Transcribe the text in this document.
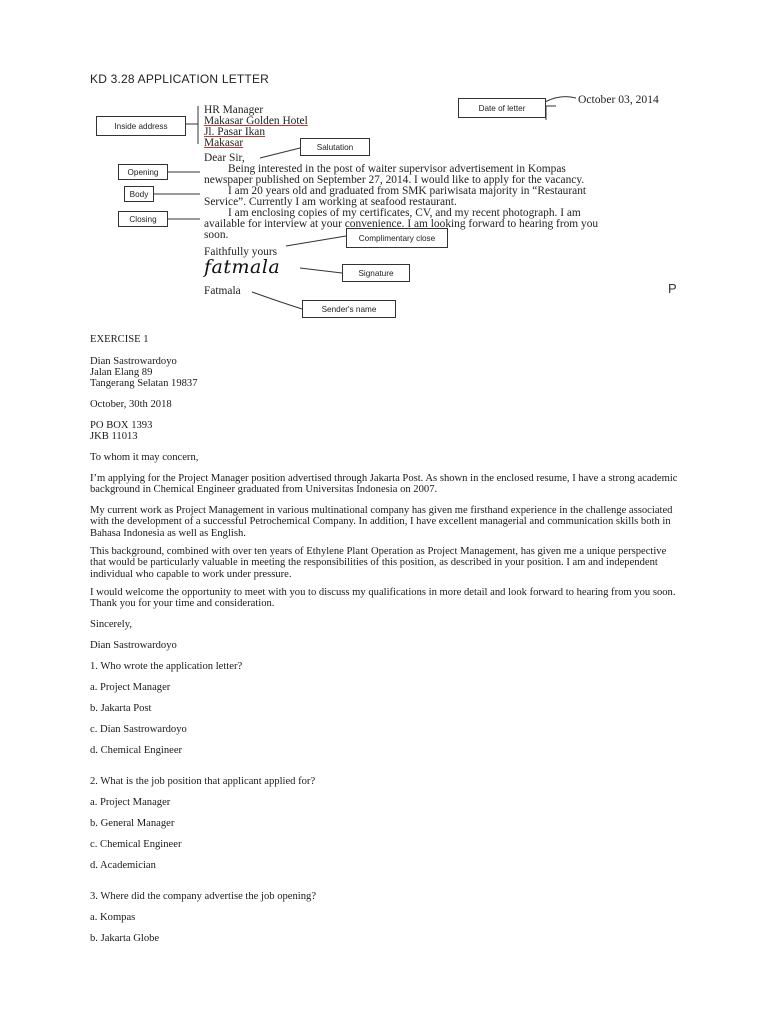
KD 3.28 APPLICATION LETTER
Inside address
Date of letter
Salutation
Opening
Body
Closing
Complimentary close
Signature
Sender's name
October 03, 2014
HR Manager
Makasar Golden Hotel
Jl. Pasar Ikan
Makasar
Dear Sir,
Being interested in the post of waiter supervisor advertisement in Kompas
newspaper published on September 27, 2014. I would like to apply for the vacancy.
I am 20 years old and graduated from SMK pariwisata majority in “Restaurant
Service”. Currently I am working at seafood restaurant.
I am enclosing copies of my certificates, CV, and my recent photograph. I am
available for interview at your convenience. I am looking forward to hearing from you
soon.
Faithfully yours
fatmala
Fatmala	P
EXERCISE 1
Dian Sastrowardoyo
Jalan Elang 89
Tangerang Selatan 19837
October, 30th 2018
PO BOX 1393
JKB 11013
To whom it may concern,
I’m applying for the Project Manager position advertised through Jakarta Post. As shown in the enclosed resume, I have a strong academic background in Chemical Engineer graduated from Universitas Indonesia on 2007.
My current work as Project Management in various multinational company has given me firsthand experience in the challenge associated with the development of a successful Petrochemical Company. In addition, I have excellent managerial and communication skills both in Bahasa Indonesia as well as English.
This background, combined with over ten years of Ethylene Plant Operation as Project Management, has given me a unique perspective that would be particularly valuable in meeting the responsibilities of this position, as described in your position. I am and independent individual who capable to work under pressure.
I would welcome the opportunity to meet with you to discuss my qualifications in more detail and look forward to hearing from you soon. Thank you for your time and consideration.
Sincerely,
Dian Sastrowardoyo
1. Who wrote the application letter?
a. Project Manager
b. Jakarta Post
c. Dian Sastrowardoyo
d. Chemical Engineer
2. What is the job position that applicant applied for?
a. Project Manager
b. General Manager
c. Chemical Engineer
d. Academician
3. Where did the company advertise the job opening?
a. Kompas
b. Jakarta Globe
